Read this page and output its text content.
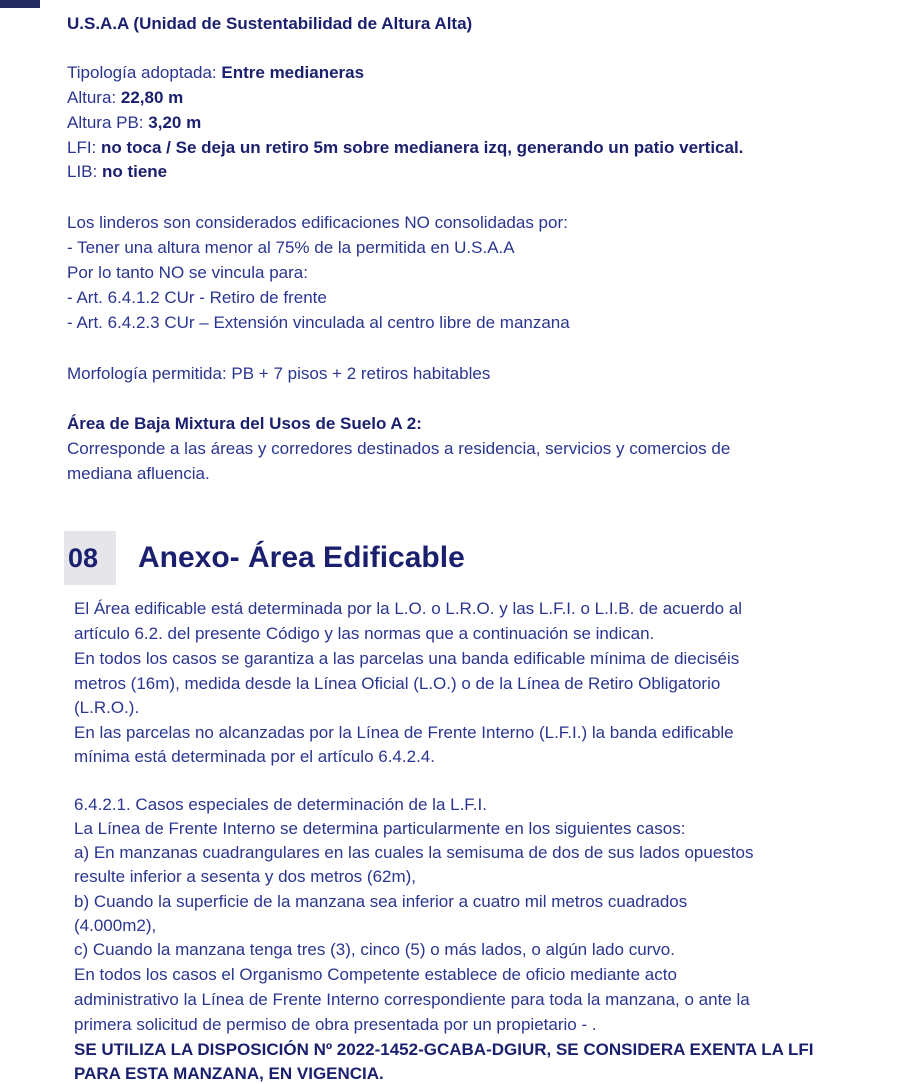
U.S.A.A (Unidad de Sustentabilidad de Altura Alta)
Tipología adoptada: Entre medianeras
Altura: 22,80 m
Altura PB: 3,20 m
LFI: no toca / Se deja un retiro 5m sobre medianera izq, generando un patio vertical.
LIB: no tiene
Los linderos son considerados edificaciones NO consolidadas por:
- Tener una altura menor al 75% de la permitida en U.S.A.A
Por lo tanto NO se vincula para:
- Art. 6.4.1.2 CUr - Retiro de frente
- Art. 6.4.2.3 CUr – Extensión vinculada al centro libre de manzana
Morfología permitida: PB + 7 pisos + 2 retiros habitables
Área de Baja Mixtura del Usos de Suelo A 2:
Corresponde a las áreas y corredores destinados a residencia, servicios y comercios de
mediana afluencia.
08	Anexo- Área Edificable
El Área edificable está determinada por la L.O. o L.R.O. y las L.F.I. o L.I.B. de acuerdo al
artículo 6.2. del presente Código y las normas que a continuación se indican.
En todos los casos se garantiza a las parcelas una banda edificable mínima de dieciséis
metros (16m), medida desde la Línea Oficial (L.O.) o de la Línea de Retiro Obligatorio
(L.R.O.).
En las parcelas no alcanzadas por la Línea de Frente Interno (L.F.I.) la banda edificable
mínima está determinada por el artículo 6.4.2.4.
6.4.2.1. Casos especiales de determinación de la L.F.I.
La Línea de Frente Interno se determina particularmente en los siguientes casos:
a) En manzanas cuadrangulares en las cuales la semisuma de dos de sus lados opuestos
resulte inferior a sesenta y dos metros (62m),
b) Cuando la superficie de la manzana sea inferior a cuatro mil metros cuadrados
(4.000m2),
c) Cuando la manzana tenga tres (3), cinco (5) o más lados, o algún lado curvo.
En todos los casos el Organismo Competente establece de oficio mediante acto
administrativo la Línea de Frente Interno correspondiente para toda la manzana, o ante la
primera solicitud de permiso de obra presentada por un propietario - .
SE UTILIZA LA DISPOSICIÓN Nº 2022-1452-GCABA-DGIUR, SE CONSIDERA EXENTA LA LFI
PARA ESTA MANZANA, EN VIGENCIA.
